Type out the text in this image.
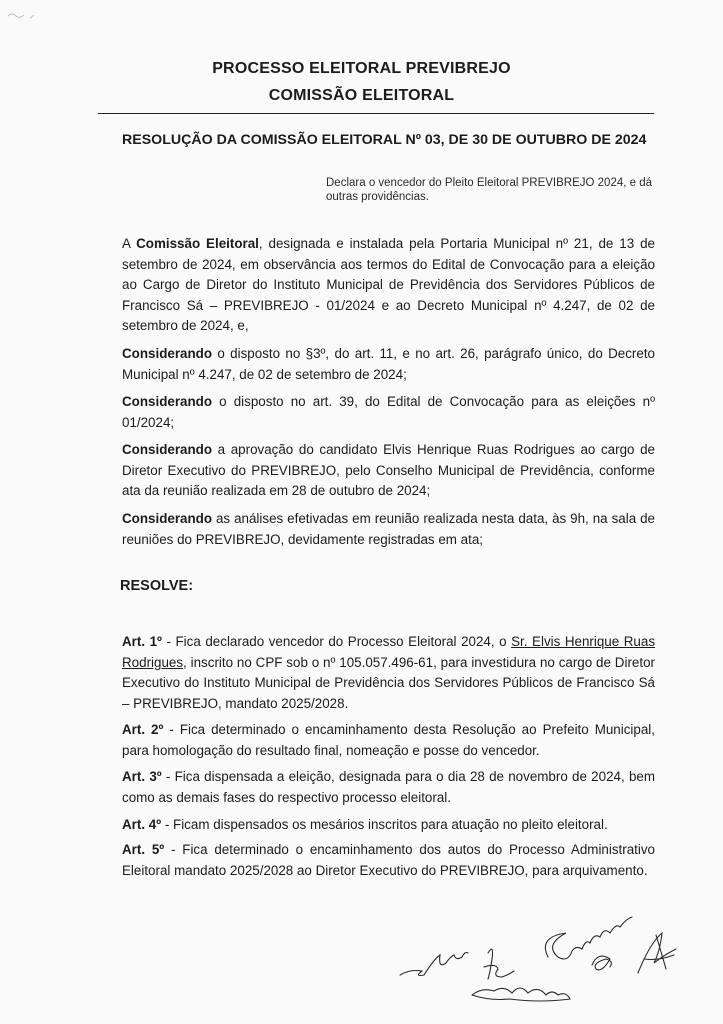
PROCESSO ELEITORAL PREVIBREJO
COMISSÃO ELEITORAL
RESOLUÇÃO DA COMISSÃO ELEITORAL Nº 03, DE 30 DE OUTUBRO DE 2024
Declara o vencedor do Pleito Eleitoral PREVIBREJO 2024, e dá outras providências.
A Comissão Eleitoral, designada e instalada pela Portaria Municipal nº 21, de 13 de setembro de 2024, em observância aos termos do Edital de Convocação para a eleição ao Cargo de Diretor do Instituto Municipal de Previdência dos Servidores Públicos de Francisco Sá – PREVIBREJO - 01/2024 e ao Decreto Municipal nº 4.247, de 02 de setembro de 2024, e,
Considerando o disposto no §3º, do art. 11, e no art. 26, parágrafo único, do Decreto Municipal nº 4.247, de 02 de setembro de 2024;
Considerando o disposto no art. 39, do Edital de Convocação para as eleições nº 01/2024;
Considerando a aprovação do candidato Elvis Henrique Ruas Rodrigues ao cargo de Diretor Executivo do PREVIBREJO, pelo Conselho Municipal de Previdência, conforme ata da reunião realizada em 28 de outubro de 2024;
Considerando as análises efetivadas em reunião realizada nesta data, às 9h, na sala de reuniões do PREVIBREJO, devidamente registradas em ata;
RESOLVE:
Art. 1º - Fica declarado vencedor do Processo Eleitoral 2024, o Sr. Elvis Henrique Ruas Rodrigues, inscrito no CPF sob o nº 105.057.496-61, para investidura no cargo de Diretor Executivo do Instituto Municipal de Previdência dos Servidores Públicos de Francisco Sá – PREVIBREJO, mandato 2025/2028.
Art. 2º - Fica determinado o encaminhamento desta Resolução ao Prefeito Municipal, para homologação do resultado final, nomeação e posse do vencedor.
Art. 3º - Fica dispensada a eleição, designada para o dia 28 de novembro de 2024, bem como as demais fases do respectivo processo eleitoral.
Art. 4º - Ficam dispensados os mesários inscritos para atuação no pleito eleitoral.
Art. 5º - Fica determinado o encaminhamento dos autos do Processo Administrativo Eleitoral mandato 2025/2028 ao Diretor Executivo do PREVIBREJO, para arquivamento.
